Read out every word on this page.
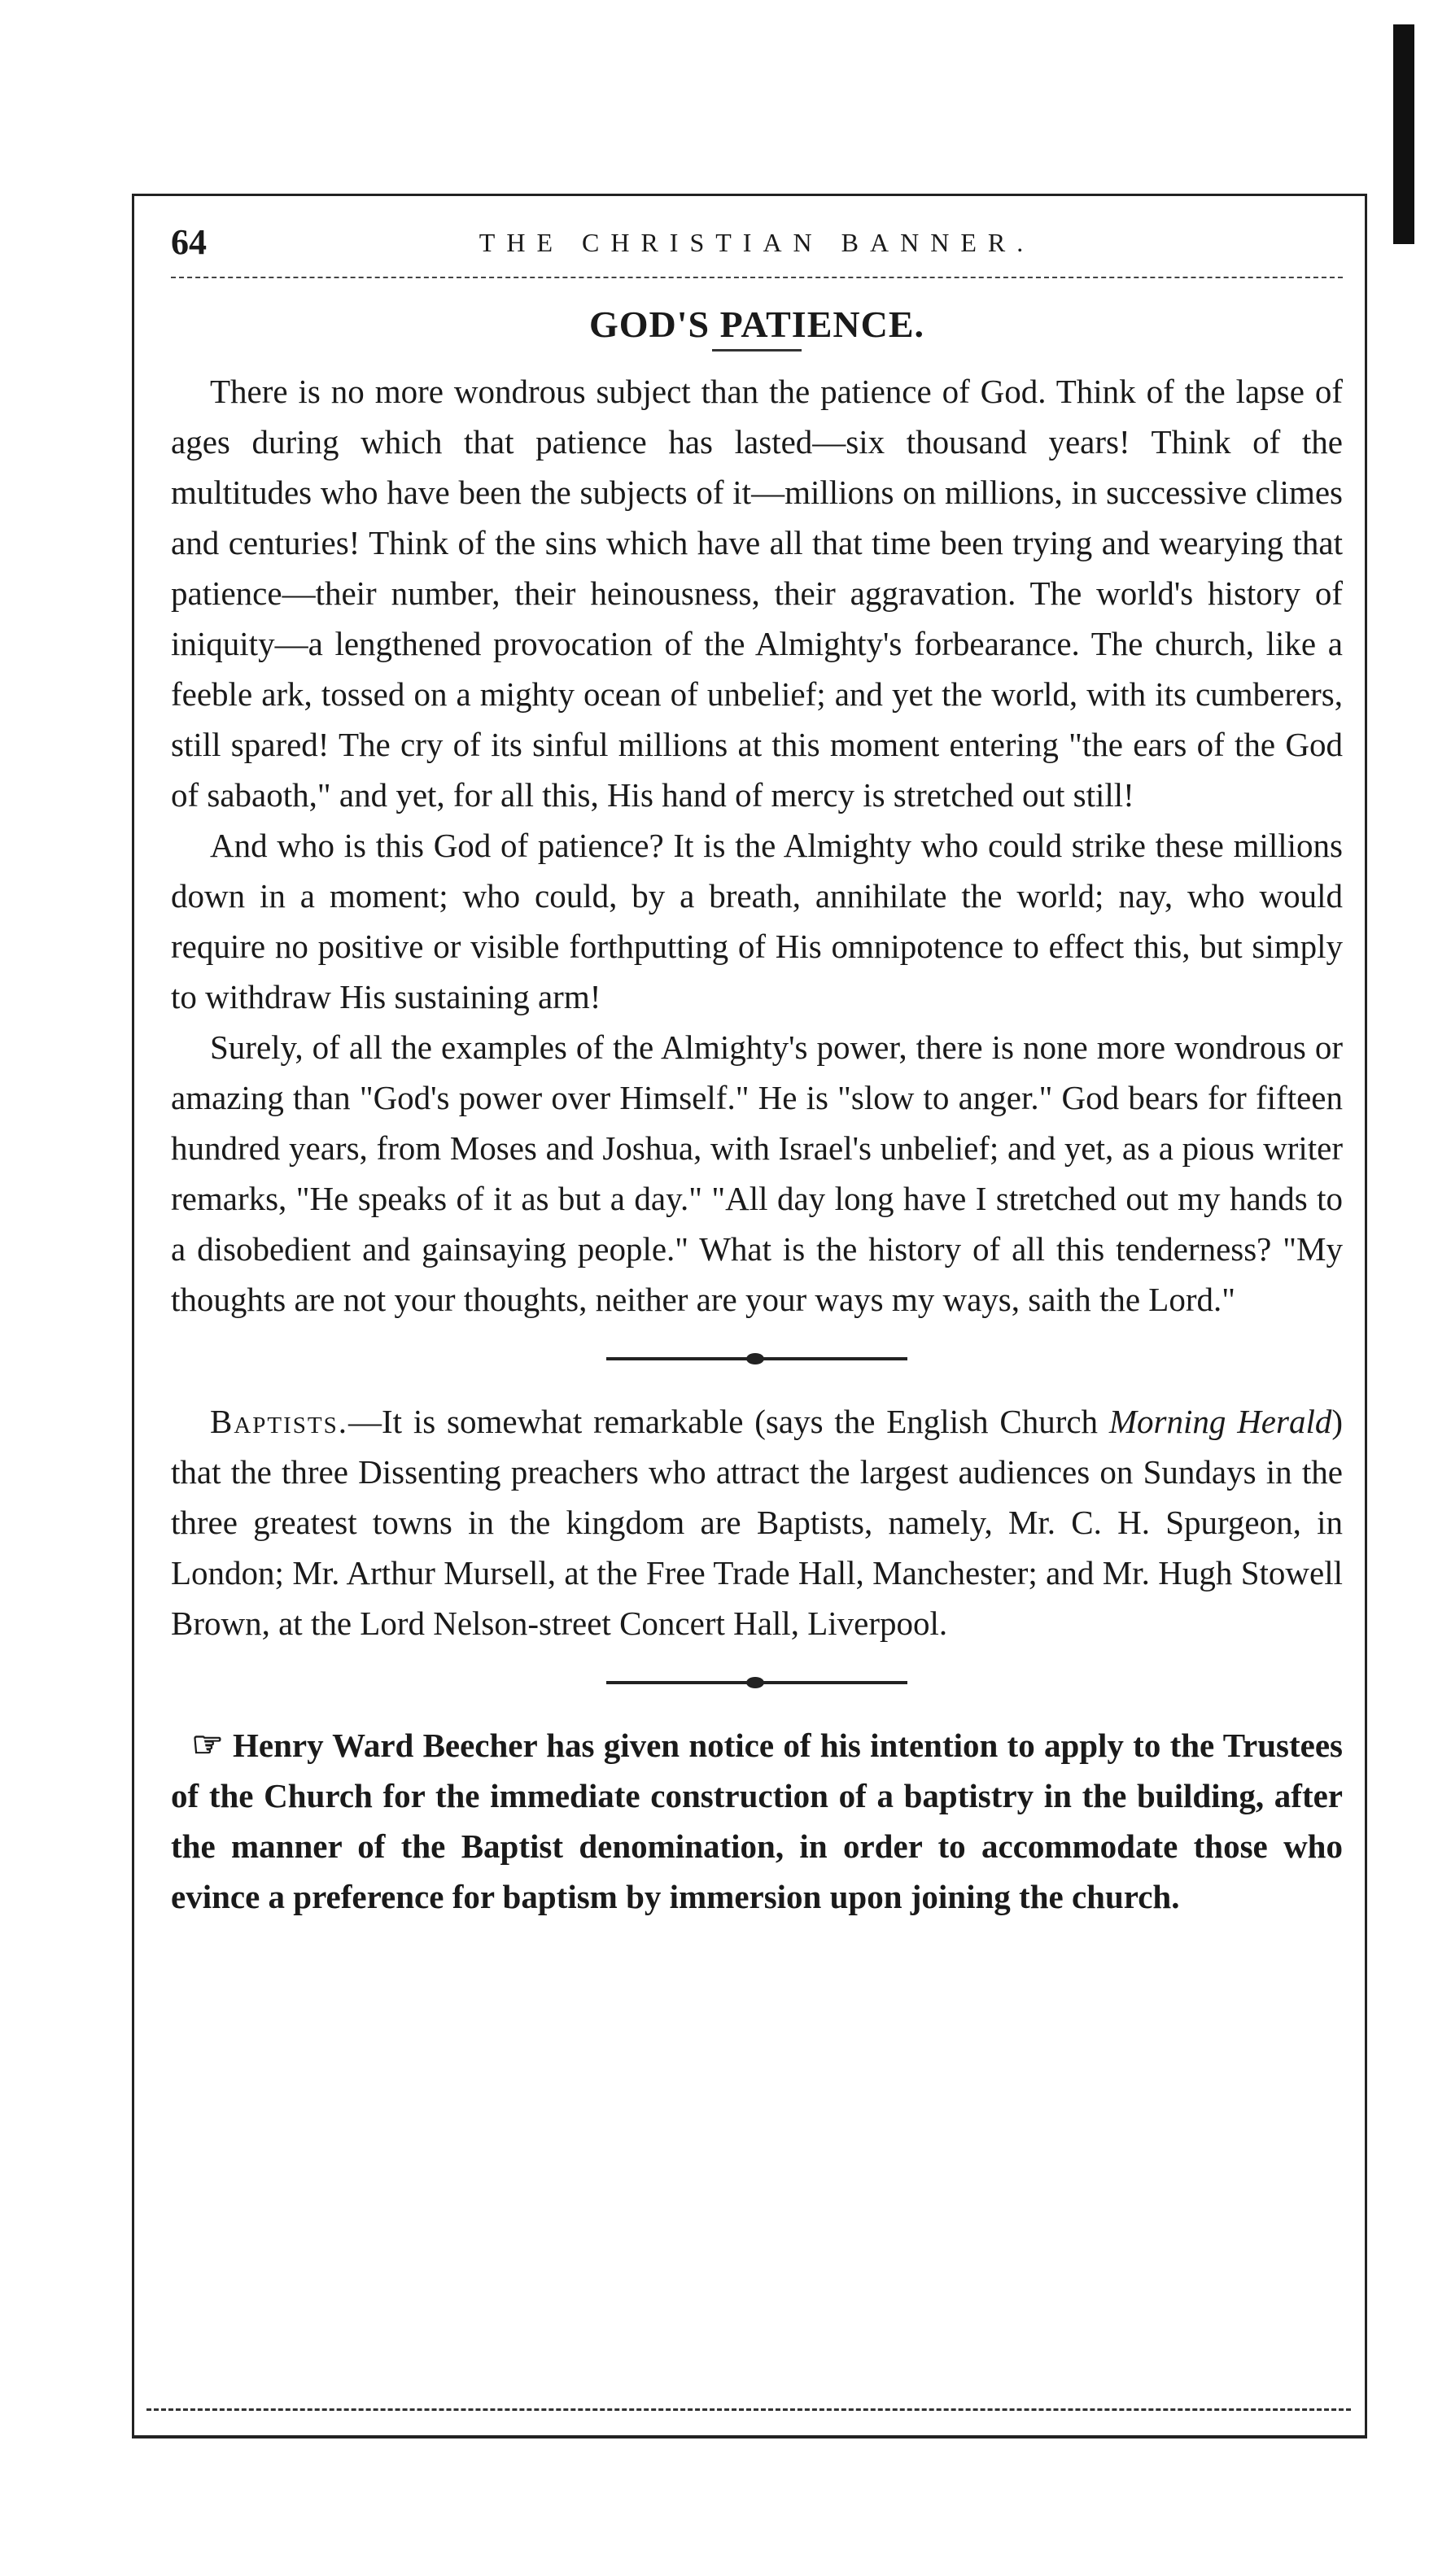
64	THE CHRISTIAN BANNER.
GOD'S PATIENCE.

There is no more wondrous subject than the patience of God. Think of the lapse of ages during which that patience has lasted—six thousand years! Think of the multitudes who have been the subjects of it—millions on millions, in successive climes and centuries! Think of the sins which have all that time been trying and wearying that patience—their number, their heinousness, their aggravation. The world's history of iniquity—a lengthened provocation of the Almighty's forbearance. The church, like a feeble ark, tossed on a mighty ocean of unbelief; and yet the world, with its cumberers, still spared! The cry of its sinful millions at this moment entering "the ears of the God of sabaoth," and yet, for all this, His hand of mercy is stretched out still!

And who is this God of patience? It is the Almighty who could strike these millions down in a moment; who could, by a breath, annihilate the world; nay, who would require no positive or visible forthputting of His omnipotence to effect this, but simply to withdraw His sustaining arm!

Surely, of all the examples of the Almighty's power, there is none more wondrous or amazing than "God's power over Himself." He is "slow to anger." God bears for fifteen hundred years, from Moses and Joshua, with Israel's unbelief; and yet, as a pious writer remarks, "He speaks of it as but a day." "All day long have I stretched out my hands to a disobedient and gainsaying people." What is the history of all this tenderness? "My thoughts are not your thoughts, neither are your ways my ways, saith the Lord."

Baptists.—It is somewhat remarkable (says the English Church Morning Herald) that the three Dissenting preachers who attract the largest audiences on Sundays in the three greatest towns in the kingdom are Baptists, namely, Mr. C. H. Spurgeon, in London; Mr. Arthur Mursell, at the Free Trade Hall, Manchester; and Mr. Hugh Stowell Brown, at the Lord Nelson-street Concert Hall, Liverpool.

☞ Henry Ward Beecher has given notice of his intention to apply to the Trustees of the Church for the immediate construction of a baptistry in the building, after the manner of the Baptist denomination, in order to accommodate those who evince a preference for baptism by immersion upon joining the church.
